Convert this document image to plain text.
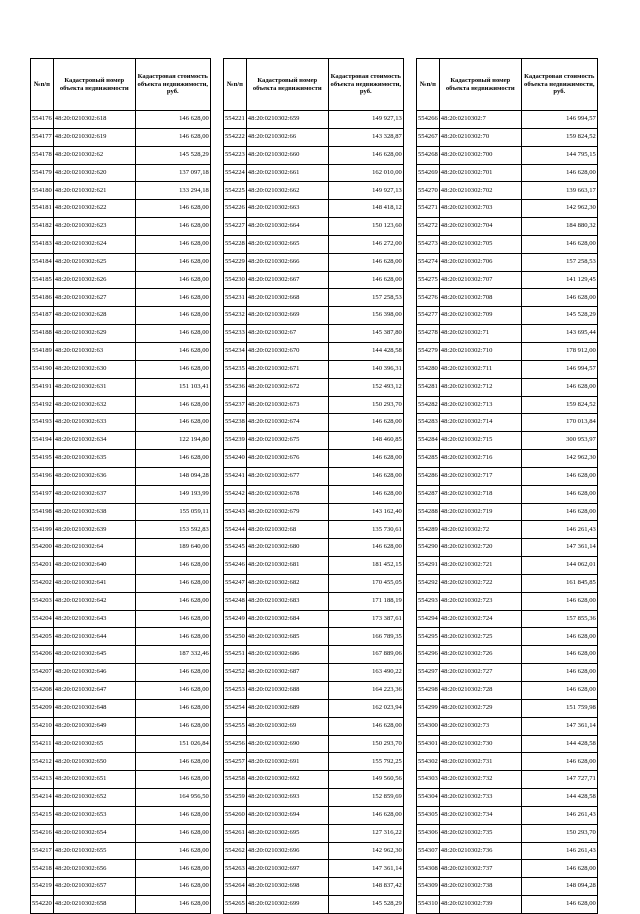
№п/п	Кадастровый номер объекта недвижимости	Кадастровая стоимость объекта недвижимости, руб.
554176	48:20:0210302:618	146 628,00
554177	48:20:0210302:619	146 628,00
554178	48:20:0210302:62	145 528,29
554179	48:20:0210302:620	137 097,18
554180	48:20:0210302:621	133 294,18
554181	48:20:0210302:622	146 628,00
554182	48:20:0210302:623	146 628,00
554183	48:20:0210302:624	146 628,00
554184	48:20:0210302:625	146 628,00
554185	48:20:0210302:626	146 628,00
554186	48:20:0210302:627	146 628,00
554187	48:20:0210302:628	146 628,00
554188	48:20:0210302:629	146 628,00
554189	48:20:0210302:63	146 628,00
554190	48:20:0210302:630	146 628,00
554191	48:20:0210302:631	151 103,41
554192	48:20:0210302:632	146 628,00
554193	48:20:0210302:633	146 628,00
554194	48:20:0210302:634	122 194,80
554195	48:20:0210302:635	146 628,00
554196	48:20:0210302:636	148 094,28
554197	48:20:0210302:637	149 193,99
554198	48:20:0210302:638	155 059,11
554199	48:20:0210302:639	153 592,83
554200	48:20:0210302:64	189 640,00
554201	48:20:0210302:640	146 628,00
554202	48:20:0210302:641	146 628,00
554203	48:20:0210302:642	146 628,00
554204	48:20:0210302:643	146 628,00
554205	48:20:0210302:644	146 628,00
554206	48:20:0210302:645	187 332,46
554207	48:20:0210302:646	146 628,00
554208	48:20:0210302:647	146 628,00
554209	48:20:0210302:648	146 628,00
554210	48:20:0210302:649	146 628,00
554211	48:20:0210302:65	151 026,84
554212	48:20:0210302:650	146 628,00
554213	48:20:0210302:651	146 628,00
554214	48:20:0210302:652	164 956,50
554215	48:20:0210302:653	146 628,00
554216	48:20:0210302:654	146 628,00
554217	48:20:0210302:655	146 628,00
554218	48:20:0210302:656	146 628,00
554219	48:20:0210302:657	146 628,00
554220	48:20:0210302:658	146 628,00
№п/п	Кадастровый номер объекта недвижимости	Кадастровая стоимость объекта недвижимости, руб.
554221	48:20:0210302:659	149 927,13
554222	48:20:0210302:66	143 328,87
554223	48:20:0210302:660	146 628,00
554224	48:20:0210302:661	162 010,00
554225	48:20:0210302:662	149 927,13
554226	48:20:0210302:663	148 418,12
554227	48:20:0210302:664	150 123,60
554228	48:20:0210302:665	146 272,00
554229	48:20:0210302:666	146 628,00
554230	48:20:0210302:667	146 628,00
554231	48:20:0210302:668	157 258,53
554232	48:20:0210302:669	156 398,00
554233	48:20:0210302:67	145 387,80
554234	48:20:0210302:670	144 428,58
554235	48:20:0210302:671	140 396,31
554236	48:20:0210302:672	152 493,12
554237	48:20:0210302:673	150 293,70
554238	48:20:0210302:674	146 628,00
554239	48:20:0210302:675	148 460,85
554240	48:20:0210302:676	146 628,00
554241	48:20:0210302:677	146 628,00
554242	48:20:0210302:678	146 628,00
554243	48:20:0210302:679	143 162,40
554244	48:20:0210302:68	135 730,61
554245	48:20:0210302:680	146 628,00
554246	48:20:0210302:681	181 452,15
554247	48:20:0210302:682	170 455,05
554248	48:20:0210302:683	171 188,19
554249	48:20:0210302:684	173 387,61
554250	48:20:0210302:685	166 789,35
554251	48:20:0210302:686	167 889,06
554252	48:20:0210302:687	163 490,22
554253	48:20:0210302:688	164 223,36
554254	48:20:0210302:689	162 023,94
554255	48:20:0210302:69	146 628,00
554256	48:20:0210302:690	150 293,70
554257	48:20:0210302:691	155 792,25
554258	48:20:0210302:692	149 560,56
554259	48:20:0210302:693	152 859,69
554260	48:20:0210302:694	146 628,00
554261	48:20:0210302:695	127 316,22
554262	48:20:0210302:696	142 962,30
554263	48:20:0210302:697	147 361,14
554264	48:20:0210302:698	148 837,42
554265	48:20:0210302:699	145 528,29
№п/п	Кадастровый номер объекта недвижимости	Кадастровая стоимость объекта недвижимости, руб.
554266	48:20:0210302:7	146 994,57
554267	48:20:0210302:70	159 824,52
554268	48:20:0210302:700	144 795,15
554269	48:20:0210302:701	146 628,00
554270	48:20:0210302:702	139 663,17
554271	48:20:0210302:703	142 962,30
554272	48:20:0210302:704	184 880,32
554273	48:20:0210302:705	146 628,00
554274	48:20:0210302:706	157 258,53
554275	48:20:0210302:707	141 129,45
554276	48:20:0210302:708	146 628,00
554277	48:20:0210302:709	145 528,29
554278	48:20:0210302:71	143 695,44
554279	48:20:0210302:710	178 912,00
554280	48:20:0210302:711	146 994,57
554281	48:20:0210302:712	146 628,00
554282	48:20:0210302:713	159 824,52
554283	48:20:0210302:714	170 013,84
554284	48:20:0210302:715	300 953,97
554285	48:20:0210302:716	142 962,30
554286	48:20:0210302:717	146 628,00
554287	48:20:0210302:718	146 628,00
554288	48:20:0210302:719	146 628,00
554289	48:20:0210302:72	146 261,43
554290	48:20:0210302:720	147 361,14
554291	48:20:0210302:721	144 062,01
554292	48:20:0210302:722	161 845,85
554293	48:20:0210302:723	146 628,00
554294	48:20:0210302:724	157 855,36
554295	48:20:0210302:725	146 628,00
554296	48:20:0210302:726	146 628,00
554297	48:20:0210302:727	146 628,00
554298	48:20:0210302:728	146 628,00
554299	48:20:0210302:729	151 759,98
554300	48:20:0210302:73	147 361,14
554301	48:20:0210302:730	144 428,58
554302	48:20:0210302:731	146 628,00
554303	48:20:0210302:732	147 727,71
554304	48:20:0210302:733	144 428,58
554305	48:20:0210302:734	146 261,43
554306	48:20:0210302:735	150 293,70
554307	48:20:0210302:736	146 261,43
554308	48:20:0210302:737	146 628,00
554309	48:20:0210302:738	148 094,28
554310	48:20:0210302:739	146 628,00
